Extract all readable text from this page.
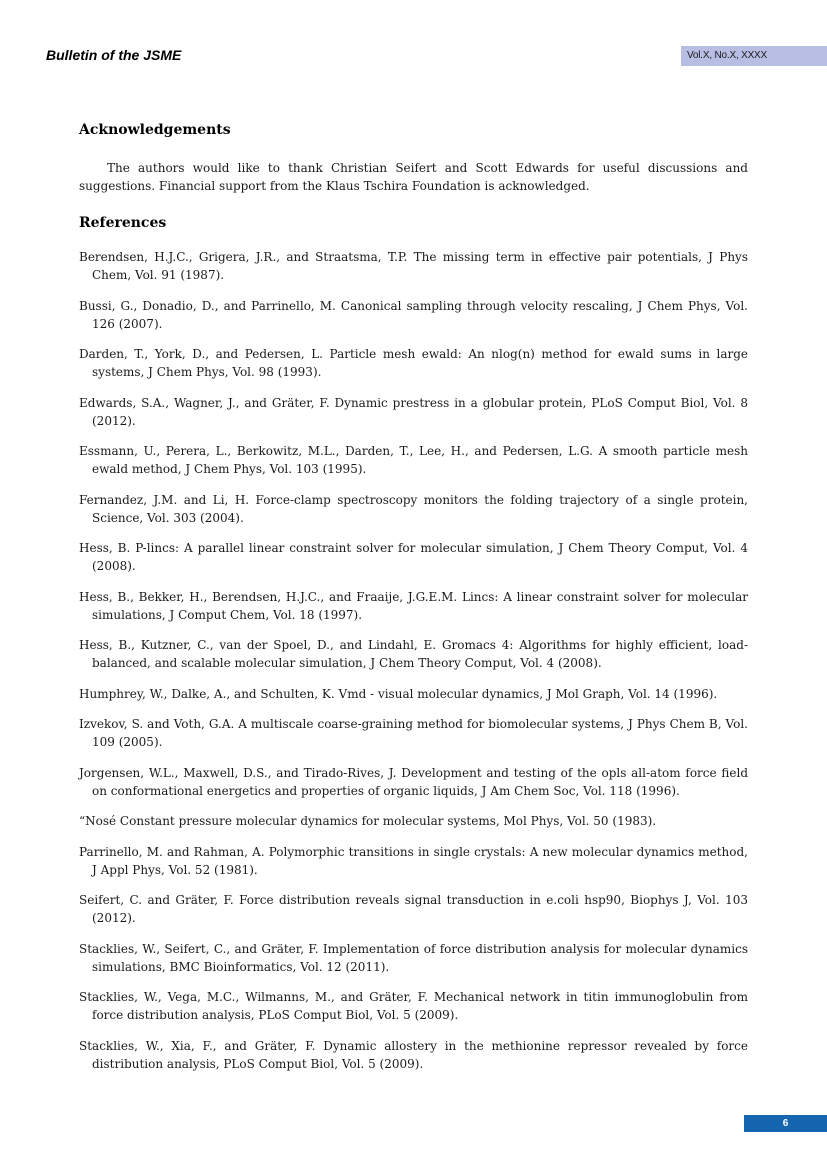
Bulletin of the JSME	Vol.X, No.X, XXXX
Acknowledgements

The authors would like to thank Christian Seifert and Scott Edwards for useful discussions and suggestions. Financial support from the Klaus Tschira Foundation is acknowledged.

References
Berendsen, H.J.C., Grigera, J.R., and Straatsma, T.P. The missing term in effective pair potentials, J Phys Chem, Vol. 91 (1987).
Bussi, G., Donadio, D., and Parrinello, M. Canonical sampling through velocity rescaling, J Chem Phys, Vol. 126 (2007).
Darden, T., York, D., and Pedersen, L. Particle mesh ewald: An nlog(n) method for ewald sums in large systems, J Chem Phys, Vol. 98 (1993).
Edwards, S.A., Wagner, J., and Gräter, F. Dynamic prestress in a globular protein, PLoS Comput Biol, Vol. 8 (2012).
Essmann, U., Perera, L., Berkowitz, M.L., Darden, T., Lee, H., and Pedersen, L.G. A smooth particle mesh ewald method, J Chem Phys, Vol. 103 (1995).
Fernandez, J.M. and Li, H. Force-clamp spectroscopy monitors the folding trajectory of a single protein, Science, Vol. 303 (2004).
Hess, B. P-lincs: A parallel linear constraint solver for molecular simulation, J Chem Theory Comput, Vol. 4 (2008).
Hess, B., Bekker, H., Berendsen, H.J.C., and Fraaije, J.G.E.M. Lincs: A linear constraint solver for molecular simulations, J Comput Chem, Vol. 18 (1997).
Hess, B., Kutzner, C., van der Spoel, D., and Lindahl, E. Gromacs 4: Algorithms for highly efficient, load-balanced, and scalable molecular simulation, J Chem Theory Comput, Vol. 4 (2008).
Humphrey, W., Dalke, A., and Schulten, K. Vmd - visual molecular dynamics, J Mol Graph, Vol. 14 (1996).
Izvekov, S. and Voth, G.A. A multiscale coarse-graining method for biomolecular systems, J Phys Chem B, Vol. 109 (2005).
Jorgensen, W.L., Maxwell, D.S., and Tirado-Rives, J. Development and testing of the opls all-atom force field on conformational energetics and properties of organic liquids, J Am Chem Soc, Vol. 118 (1996).
“Nosé Constant pressure molecular dynamics for molecular systems, Mol Phys, Vol. 50 (1983).
Parrinello, M. and Rahman, A. Polymorphic transitions in single crystals: A new molecular dynamics method, J Appl Phys, Vol. 52 (1981).
Seifert, C. and Gräter, F. Force distribution reveals signal transduction in e.coli hsp90, Biophys J, Vol. 103 (2012).
Stacklies, W., Seifert, C., and Gräter, F. Implementation of force distribution analysis for molecular dynamics simulations, BMC Bioinformatics, Vol. 12 (2011).
Stacklies, W., Vega, M.C., Wilmanns, M., and Gräter, F. Mechanical network in titin immunoglobulin from force distribution analysis, PLoS Comput Biol, Vol. 5 (2009).
Stacklies, W., Xia, F., and Gräter, F. Dynamic allostery in the methionine repressor revealed by force distribution analysis, PLoS Comput Biol, Vol. 5 (2009).
6
